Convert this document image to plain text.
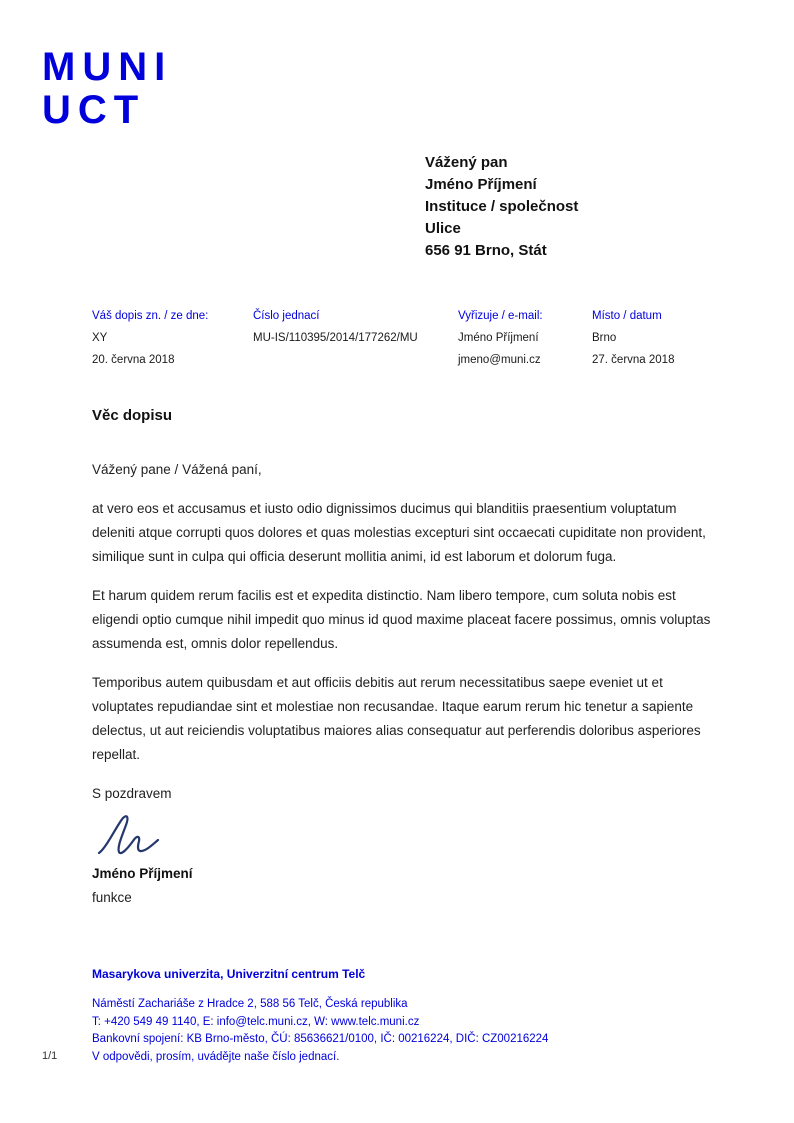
MUNI
UCT
Vážený pan
Jméno Příjmení
Instituce / společnost
Ulice
656 91 Brno, Stát
Váš dopis zn. / ze dne:
XY
20. června 2018
Číslo jednací
MU-IS/110395/2014/177262/MU
Vyřizuje / e-mail:
Jméno Příjmení
jmeno@muni.cz
Místo / datum
Brno
27. června 2018
Věc dopisu

Vážený pane / Vážená paní,

at vero eos et accusamus et iusto odio dignissimos ducimus qui blanditiis praesentium voluptatum deleniti atque corrupti quos dolores et quas molestias excepturi sint occaecati cupiditate non provident, similique sunt in culpa qui officia deserunt mollitia animi, id est laborum et dolorum fuga.

Et harum quidem rerum facilis est et expedita distinctio. Nam libero tempore, cum soluta nobis est eligendi optio cumque nihil impedit quo minus id quod maxime placeat facere possimus, omnis voluptas assumenda est, omnis dolor repellendus.

Temporibus autem quibusdam et aut officiis debitis aut rerum necessitatibus saepe eveniet ut et voluptates repudiandae sint et molestiae non recusandae. Itaque earum rerum hic tenetur a sapiente delectus, ut aut reiciendis voluptatibus maiores alias consequatur aut perferendis doloribus asperiores repellat.

S pozdravem

Jméno Příjmení
funkce
Masarykova univerzita, Univerzitní centrum Telč
Náměstí Zachariáše z Hradce 2, 588 56 Telč, Česká republika
T: +420 549 49 1140, E: info@telc.muni.cz, W: www.telc.muni.cz
Bankovní spojení: KB Brno-město, ČÚ: 85636621/0100, IČ: 00216224, DIČ: CZ00216224
V odpovědi, prosím, uvádějte naše číslo jednací.
1/1
